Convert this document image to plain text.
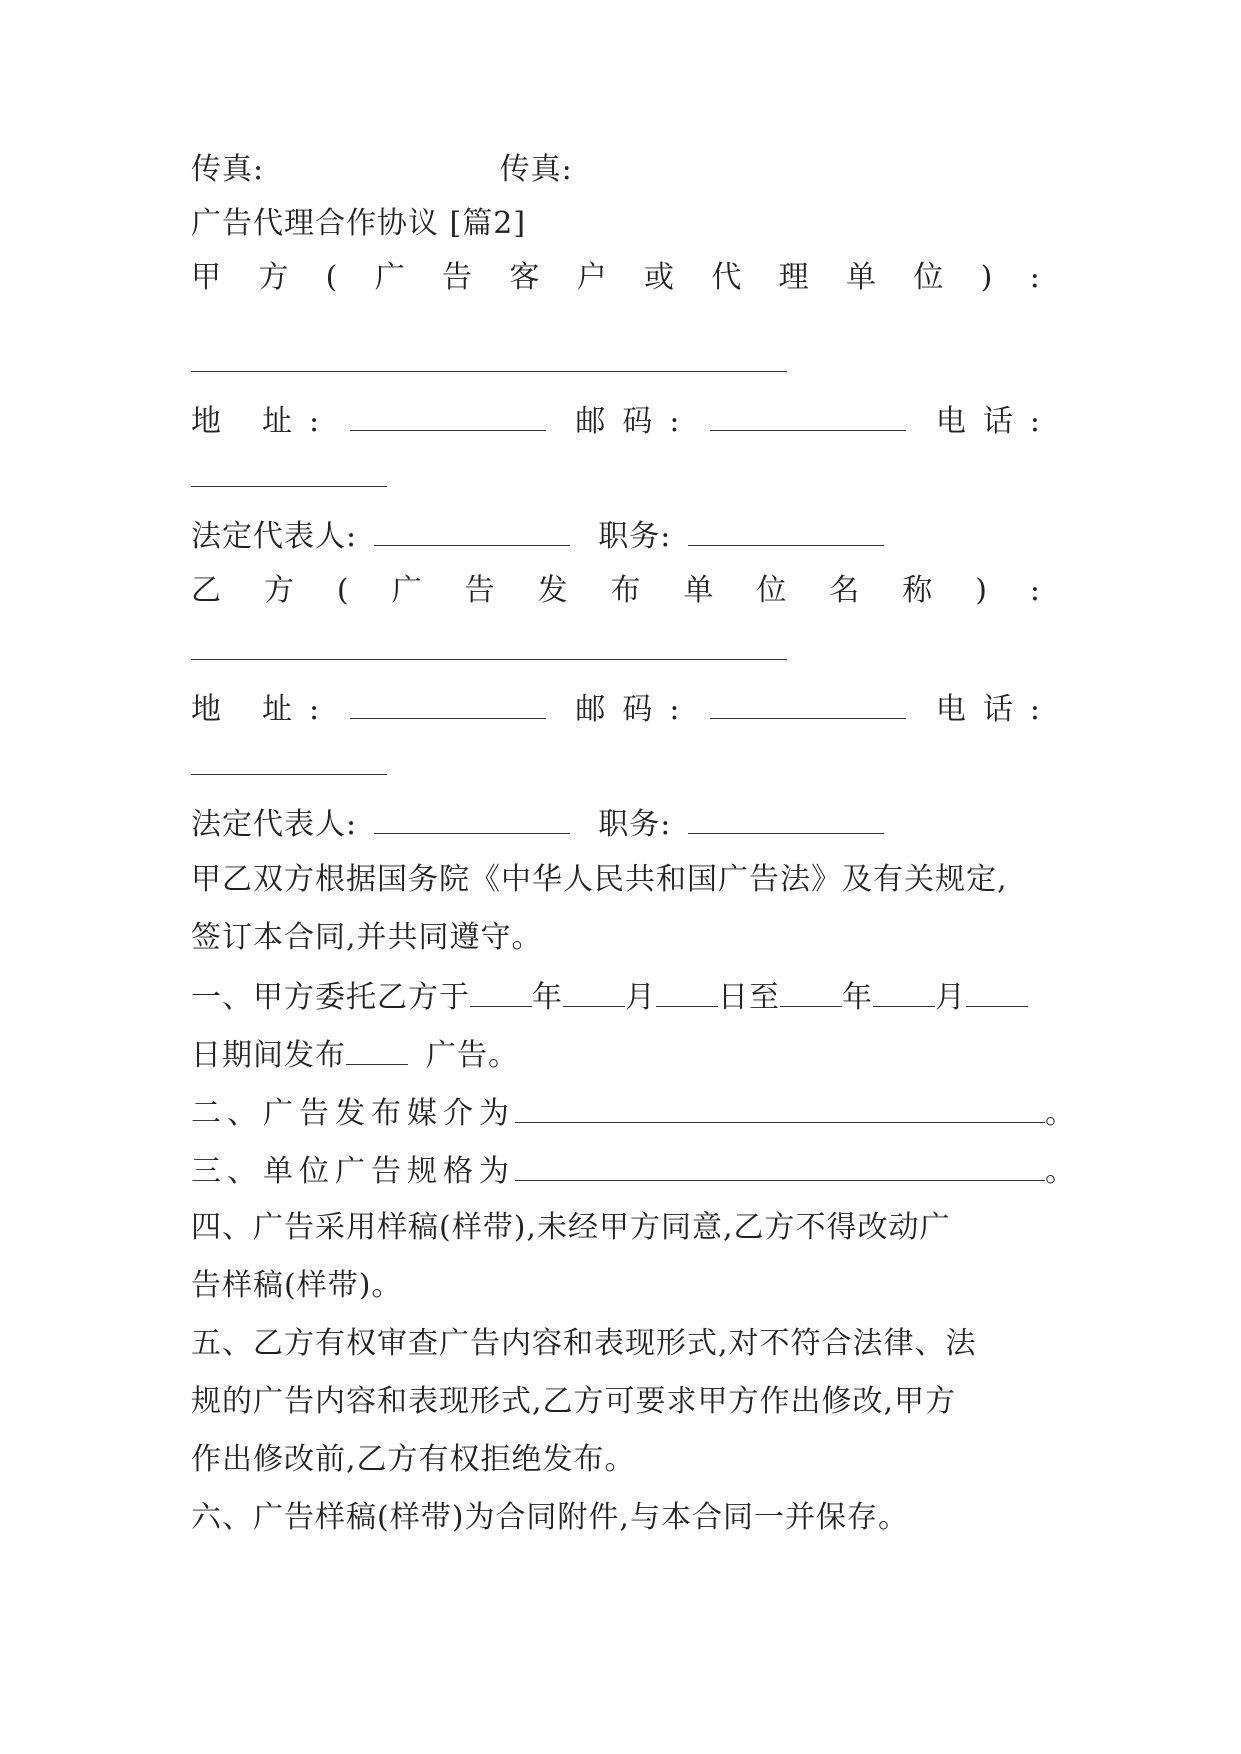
传真:	传真:
广告代理合作协议 [篇2]
甲 方 ( 广 告 客 户 或 代 理 单 位 ) :
地 址 :	邮 码 :	电 话 :
法定代表人:	职务:
乙 方 ( 广 告 发 布 单 位 名 称 ) :
地 址 :	邮 码 :	电 话 :
法定代表人:	职务:
甲乙双方根据国务院《中华人民共和国广告法》及有关规定,
签订本合同,并共同遵守。
一、甲方委托乙方于 年 月 日至 年 月
日期间发布	广告。
二、广告发布媒介为	。
三、单位广告规格为	。
四、广告采用样稿(样带),未经甲方同意,乙方不得改动广
告样稿(样带)。
五、乙方有权审查广告内容和表现形式,对不符合法律、法
规的广告内容和表现形式,乙方可要求甲方作出修改,甲方
作出修改前,乙方有权拒绝发布。
六、广告样稿(样带)为合同附件,与本合同一并保存。
